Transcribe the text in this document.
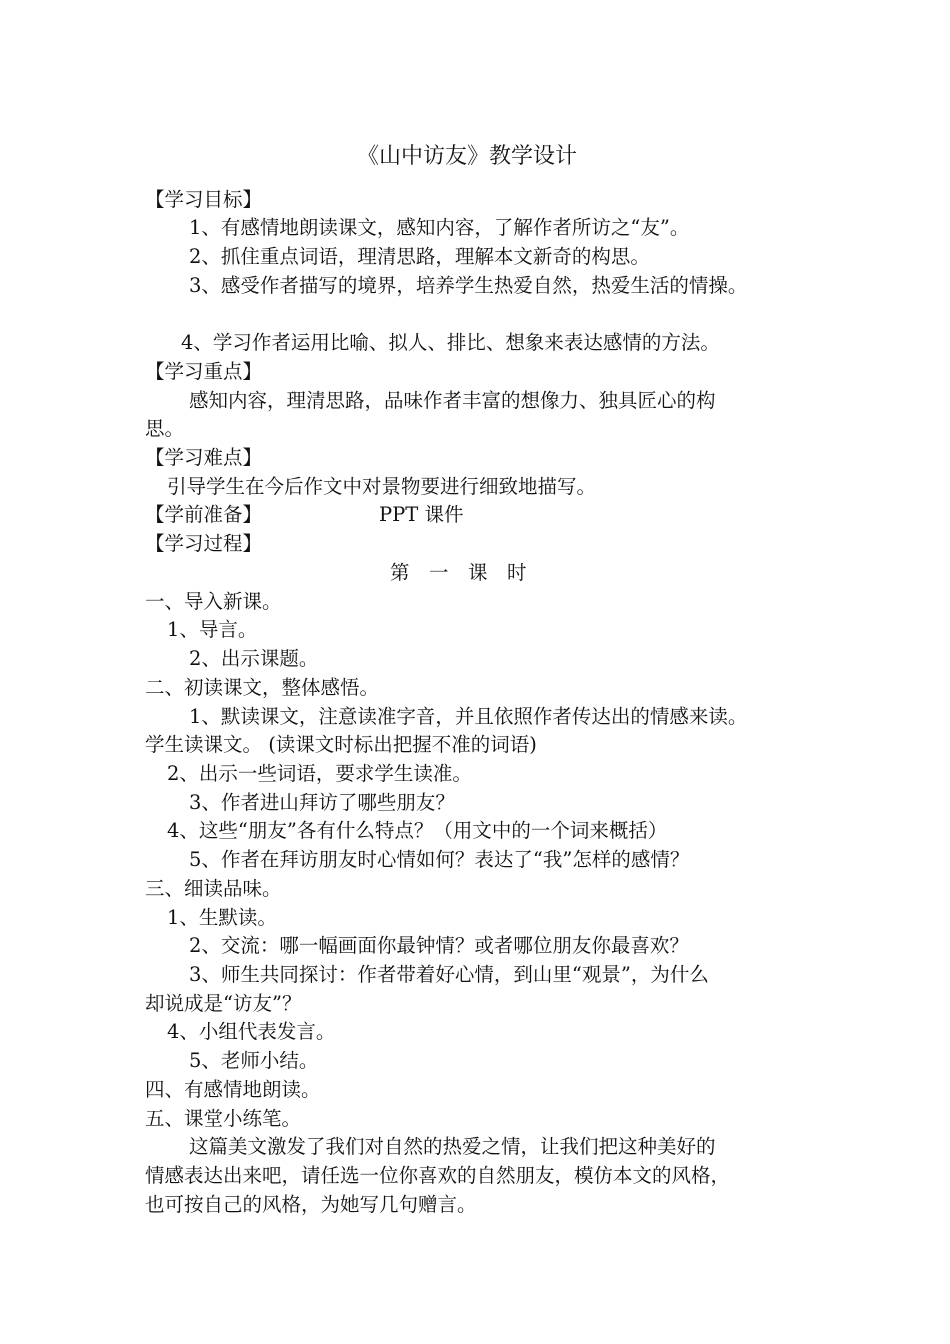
《山中访友》教学设计
【学习目标】
1、有感情地朗读课文，感知内容，了解作者所访之“友”。
2、抓住重点词语，理清思路，理解本文新奇的构思。
3、感受作者描写的境界，培养学生热爱自然，热爱生活的情操。
4、学习作者运用比喻、拟人、排比、想象来表达感情的方法。
【学习重点】
感知内容，理清思路，品味作者丰富的想像力、独具匠心的构
思。
【学习难点】
引导学生在今后作文中对景物要进行细致地描写。
【学前准备】	PPT 课件
【学习过程】
第　一　课　时
一、导入新课。
1、导言。
2、出示课题。
二、初读课文，整体感悟。
1、默读课文，注意读准字音，并且依照作者传达出的情感来读。
学生读课文。 (读课文时标出把握不准的词语)
2、出示一些词语，要求学生读准。
3、作者进山拜访了哪些朋友？
4、这些“朋友”各有什么特点？（用文中的一个词来概括）
5、作者在拜访朋友时心情如何？表达了“我”怎样的感情？
三、细读品味。
1、生默读。
2、交流：哪一幅画面你最钟情？或者哪位朋友你最喜欢？
3、师生共同探讨：作者带着好心情，到山里“观景”，为什么
却说成是“访友”？
4、小组代表发言。
5、老师小结。
四、有感情地朗读。
五、课堂小练笔。
这篇美文激发了我们对自然的热爱之情，让我们把这种美好的
情感表达出来吧，请任选一位你喜欢的自然朋友，模仿本文的风格，
也可按自己的风格，为她写几句赠言。
